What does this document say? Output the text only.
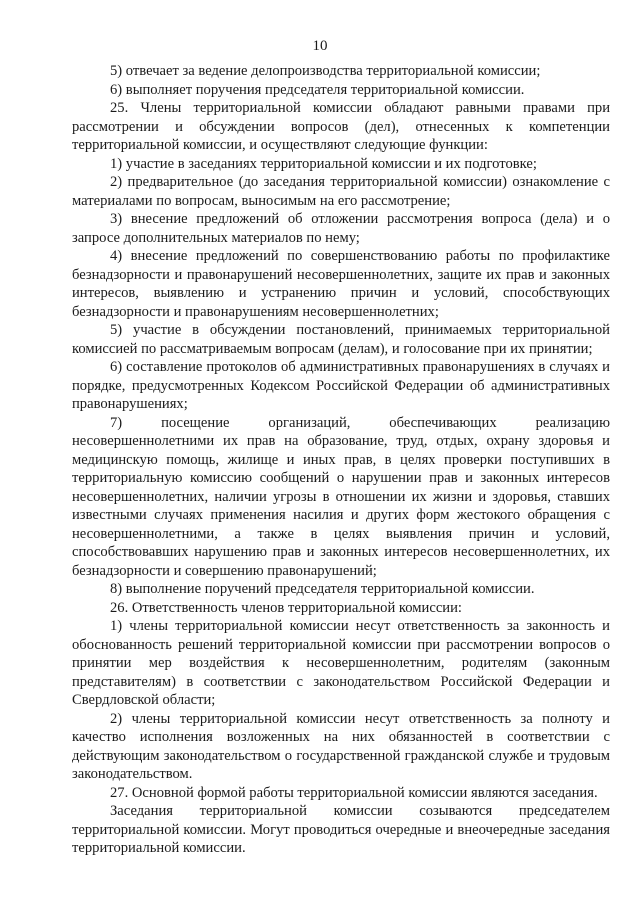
10

5) отвечает за ведение делопроизводства территориальной комиссии;

6) выполняет поручения председателя территориальной комиссии.

25. Члены территориальной комиссии обладают равными правами при рассмотрении и обсуждении вопросов (дел), отнесенных к компетенции территориальной комиссии, и осуществляют следующие функции:

1) участие в заседаниях территориальной комиссии и их подготовке;

2) предварительное (до заседания территориальной комиссии) ознакомление с материалами по вопросам, выносимым на его рассмотрение;

3) внесение предложений об отложении рассмотрения вопроса (дела) и о запросе дополнительных материалов по нему;

4) внесение предложений по совершенствованию работы по профилактике безнадзорности и правонарушений несовершеннолетних, защите их прав и законных интересов, выявлению и устранению причин и условий, способствующих безнадзорности и правонарушениям несовершеннолетних;

5) участие в обсуждении постановлений, принимаемых территориальной комиссией по рассматриваемым вопросам (делам), и голосование при их принятии;

6) составление протоколов об административных правонарушениях в случаях и порядке, предусмотренных Кодексом Российской Федерации об административных правонарушениях;

7) посещение организаций, обеспечивающих реализацию несовершеннолетними их прав на образование, труд, отдых, охрану здоровья и медицинскую помощь, жилище и иных прав, в целях проверки поступивших в территориальную комиссию сообщений о нарушении прав и законных интересов несовершеннолетних, наличии угрозы в отношении их жизни и здоровья, ставших известными случаях применения насилия и других форм жестокого обращения с несовершеннолетними, а также в целях выявления причин и условий, способствовавших нарушению прав и законных интересов несовершеннолетних, их безнадзорности и совершению правонарушений;

8) выполнение поручений председателя территориальной комиссии.

26. Ответственность членов территориальной комиссии:

1) члены территориальной комиссии несут ответственность за законность и обоснованность решений территориальной комиссии при рассмотрении вопросов о принятии мер воздействия к несовершеннолетним, родителям (законным представителям) в соответствии с законодательством Российской Федерации и Свердловской области;

2) члены территориальной комиссии несут ответственность за полноту и качество исполнения возложенных на них обязанностей в соответствии с действующим законодательством о государственной гражданской службе и трудовым законодательством.

27. Основной формой работы территориальной комиссии являются заседания.

Заседания территориальной комиссии созываются председателем территориальной комиссии. Могут проводиться очередные и внеочередные заседания территориальной комиссии.
